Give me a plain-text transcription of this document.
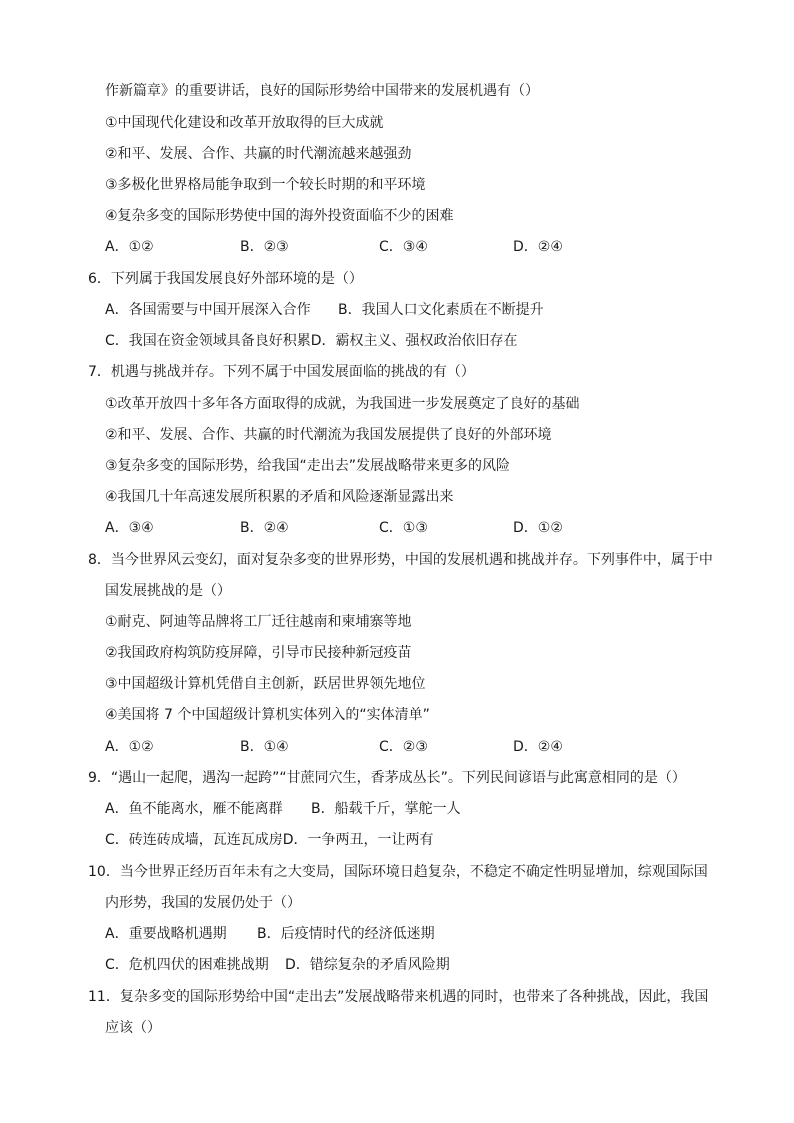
作新篇章》的重要讲话，良好的国际形势给中国带来的发展机遇有（）
①中国现代化建设和改革开放取得的巨大成就
②和平、发展、合作、共赢的时代潮流越来越强劲
③多极化世界格局能争取到一个较长时期的和平环境
④复杂多变的国际形势使中国的海外投资面临不少的困难
A．①②	B．②③	C．③④	D．②④
6．下列属于我国发展良好外部环境的是（）
A．各国需要与中国开展深入合作 B．我国人口文化素质在不断提升
C．我国在资金领域具备良好积累D．霸权主义、强权政治依旧存在
7．机遇与挑战并存。下列不属于中国发展面临的挑战的有（）
①改革开放四十多年各方面取得的成就，为我国进一步发展奠定了良好的基础
②和平、发展、合作、共赢的时代潮流为我国发展提供了良好的外部环境
③复杂多变的国际形势，给我国“走出去”发展战略带来更多的风险
④我国几十年高速发展所积累的矛盾和风险逐渐显露出来
A．③④	B．②④	C．①③	D．①②
8．当今世界风云变幻，面对复杂多变的世界形势，中国的发展机遇和挑战并存。下列事件中，属于中
国发展挑战的是（）
①耐克、阿迪等品牌将工厂迁往越南和柬埔寨等地
②我国政府构筑防疫屏障，引导市民接种新冠疫苗
③中国超级计算机凭借自主创新，跃居世界领先地位
④美国将 7 个中国超级计算机实体列入的“实体清单”
A．①②	B．①④	C．②③	D．②④
9．“遇山一起爬，遇沟一起跨”“甘蔗同穴生，香茅成丛长”。下列民间谚语与此寓意相同的是（）
A．鱼不能离水，雁不能离群 B．船载千斤，掌舵一人
C．砖连砖成墙，瓦连瓦成房D．一争两丑，一让两有
10．当今世界正经历百年未有之大变局，国际环境日趋复杂，不稳定不确定性明显增加，综观国际国
内形势，我国的发展仍处于（）
A．重要战略机遇期 B．后疫情时代的经济低迷期
C．危机四伏的困难挑战期 D．错综复杂的矛盾风险期
11．复杂多变的国际形势给中国“走出去”发展战略带来机遇的同时，也带来了各种挑战，因此，我国
应该（）
